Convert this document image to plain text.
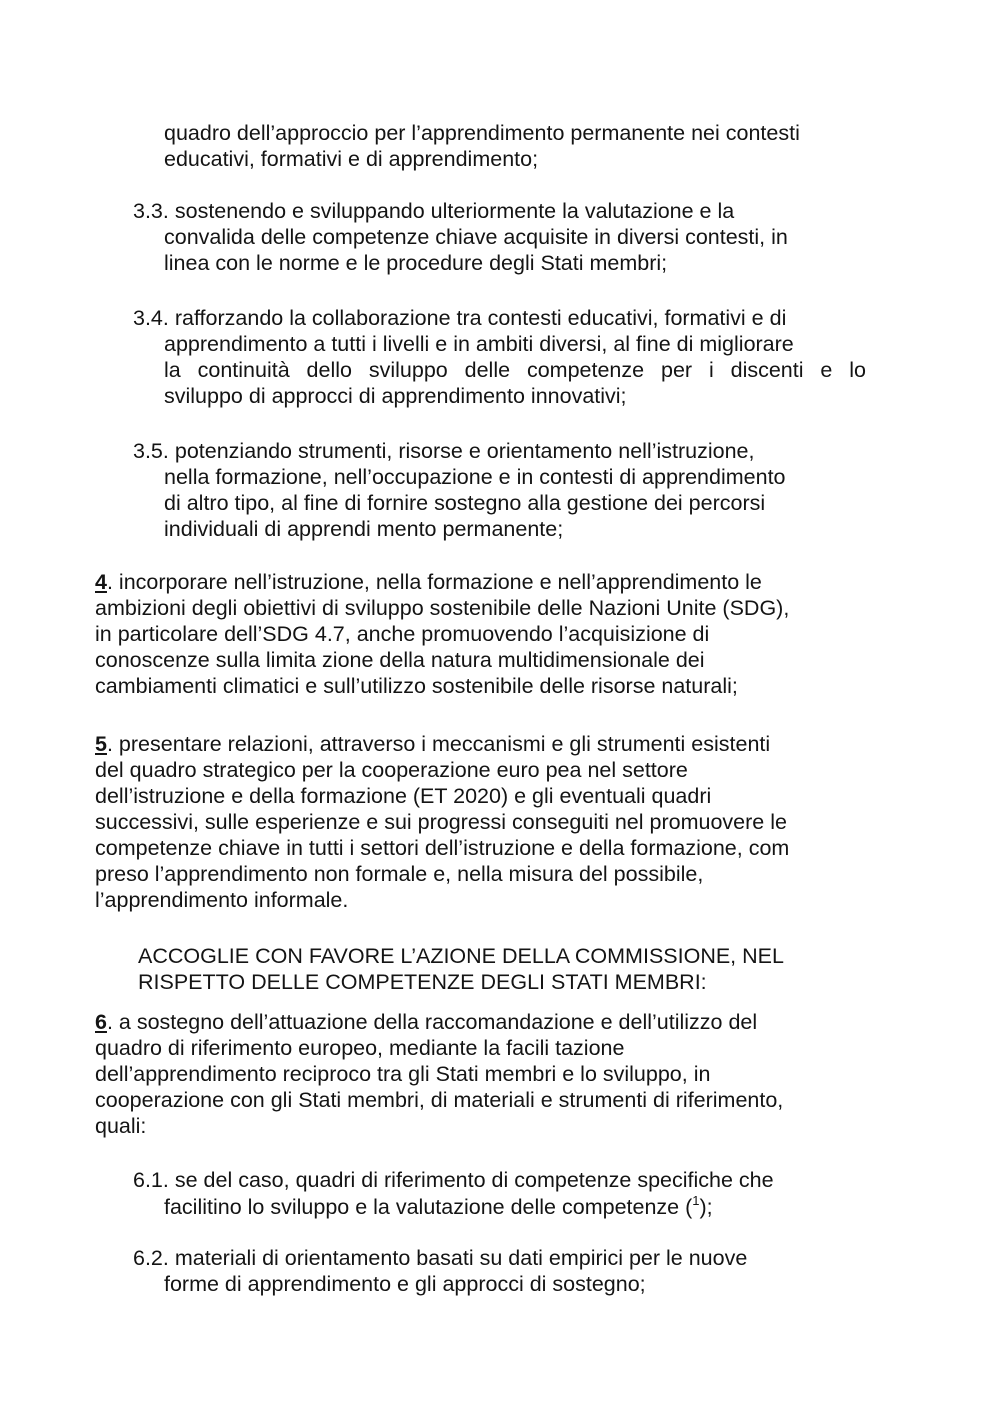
quadro dell’approccio per l’apprendimento permanente nei contesti
educativi, formativi e di apprendimento;
3.3. sostenendo e sviluppando ulteriormente la valutazione e la
convalida delle competenze chiave acquisite in diversi contesti, in
linea con le norme e le procedure degli Stati membri;
3.4. rafforzando la collaborazione tra contesti educativi, formativi e di
apprendimento a tutti i livelli e in ambiti diversi, al fine di migliorare
la continuità dello sviluppo delle competenze per i discenti e lo
sviluppo di approcci di apprendimento innovativi;
3.5. potenziando strumenti, risorse e orientamento nell’istruzione,
nella formazione, nell’occupazione e in contesti di apprendimento
di altro tipo, al fine di fornire sostegno alla gestione dei percorsi
individuali di apprendi mento permanente;
4. incorporare nell’istruzione, nella formazione e nell’apprendimento le
ambizioni degli obiettivi di sviluppo sostenibile delle Nazioni Unite (SDG),
in particolare dell’SDG 4.7, anche promuovendo l’acquisizione di
conoscenze sulla limita zione della natura multidimensionale dei
cambiamenti climatici e sull’utilizzo sostenibile delle risorse naturali;
5. presentare relazioni, attraverso i meccanismi e gli strumenti esistenti
del quadro strategico per la cooperazione euro pea nel settore
dell’istruzione e della formazione (ET 2020) e gli eventuali quadri
successivi, sulle esperienze e sui progressi conseguiti nel promuovere le
competenze chiave in tutti i settori dell’istruzione e della formazione, com
preso l’apprendimento non formale e, nella misura del possibile,
l’apprendimento informale.
ACCOGLIE CON FAVORE L’AZIONE DELLA COMMISSIONE, NEL
RISPETTO DELLE COMPETENZE DEGLI STATI MEMBRI:
6. a sostegno dell’attuazione della raccomandazione e dell’utilizzo del
quadro di riferimento europeo, mediante la facili tazione
dell’apprendimento reciproco tra gli Stati membri e lo sviluppo, in
cooperazione con gli Stati membri, di materiali e strumenti di riferimento,
quali:
6.1. se del caso, quadri di riferimento di competenze specifiche che
facilitino lo sviluppo e la valutazione delle competenze ($^1$);
6.2. materiali di orientamento basati su dati empirici per le nuove
forme di apprendimento e gli approcci di sostegno;
